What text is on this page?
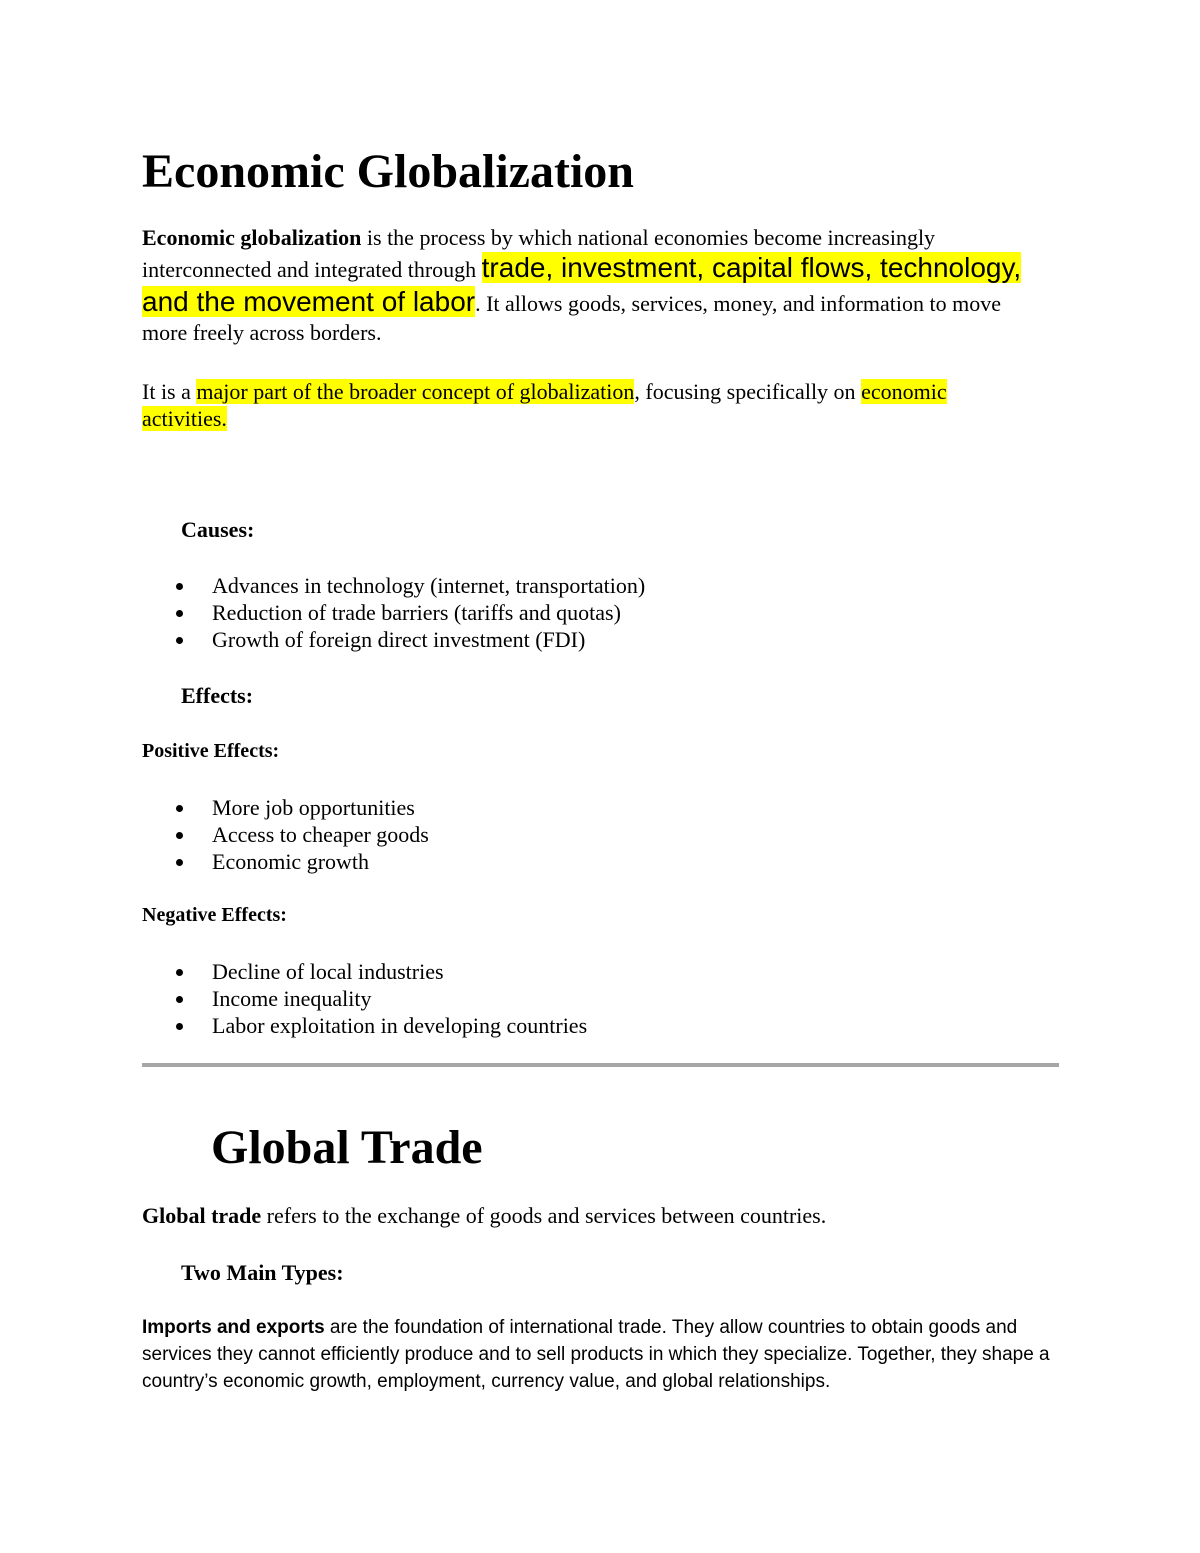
Economic Globalization

Economic globalization is the process by which national economies become increasingly interconnected and integrated through trade, investment, capital flows, technology, and the movement of labor. It allows goods, services, money, and information to move more freely across borders.

It is a major part of the broader concept of globalization, focusing specifically on economic activities.

Causes:
Advances in technology (internet, transportation)
Reduction of trade barriers (tariffs and quotas)
Growth of foreign direct investment (FDI)
Effects:
Positive Effects:
More job opportunities
Access to cheaper goods
Economic growth
Negative Effects:
Decline of local industries
Income inequality
Labor exploitation in developing countries
Global Trade

Global trade refers to the exchange of goods and services between countries.

Two Main Types:

Imports and exports are the foundation of international trade. They allow countries to obtain goods and services they cannot efficiently produce and to sell products in which they specialize. Together, they shape a country’s economic growth, employment, currency value, and global relationships.
